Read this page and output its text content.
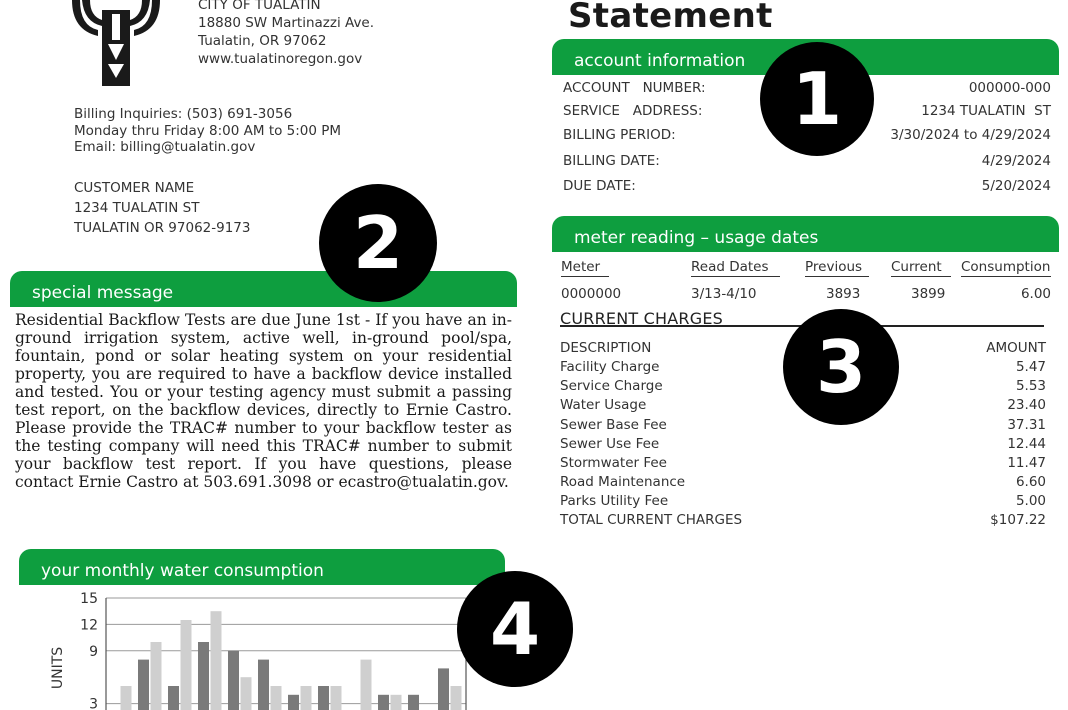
CITY OF TUALATIN
18880 SW Martinazzi Ave.
Tualatin, OR 97062
www.tualatinoregon.gov
Statement
Billing Inquiries: (503) 691-3056
Monday thru Friday 8:00 AM to 5:00 PM
Email: billing@tualatin.gov
CUSTOMER NAME
1234 TUALATIN ST
TUALATIN OR 97062-9173
account information
ACCOUNT   NUMBER:	000000-000
SERVICE   ADDRESS:	1234 TUALATIN  ST
BILLING PERIOD:	3/30/2024 to 4/29/2024
BILLING DATE:	4/29/2024
DUE DATE:	5/20/2024
meter reading – usage dates
Meter	Read Dates	Previous	Current	Consumption
0000000	3/13-4/10	3893	3899	6.00
CURRENT CHARGES
DESCRIPTION	AMOUNT
Facility Charge	5.47
Service Charge	5.53
Water Usage	23.40
Sewer Base Fee	37.31
Sewer Use Fee	12.44
Stormwater Fee	11.47
Road Maintenance	6.60
Parks Utility Fee	5.00
TOTAL CURRENT CHARGES	$107.22
special message
Residential Backflow Tests are due June 1st - If you have an in-ground irrigation system, active well, in-ground pool/spa, fountain, pond or solar heating system on your residential property, you are required to have a backflow device installed and tested. You or your testing agency must submit a passing test report, on the backflow devices, directly to Ernie Castro. Please provide the TRAC# number to your backflow tester as the testing company will need this TRAC# number to submit your backflow test report. If you have questions, please contact Ernie Castro at 503.691.3098 or ecastro@tualatin.gov.
your monthly water consumption
3
9
12
15
UNITS
1
2
3
4
